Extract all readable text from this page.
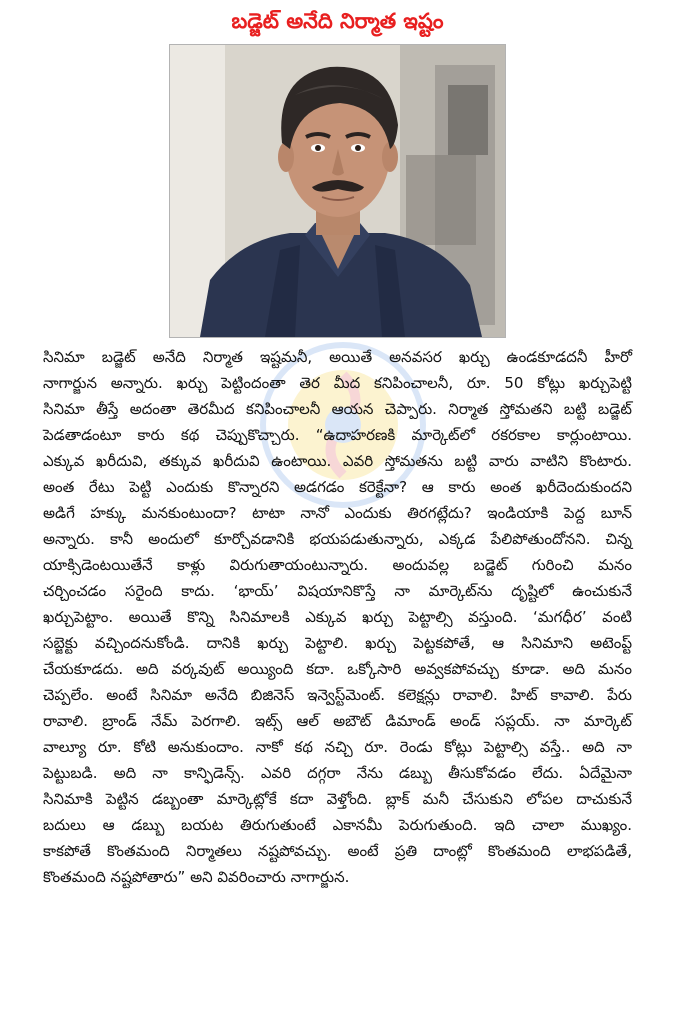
బడ్జెట్ అనేది నిర్మాత ఇష్టం
సినిమా బడ్జెట్ అనేది నిర్మాత ఇష్టమనీ, అయితే అనవసర ఖర్చు ఉండకూడదనీ హీరో
నాగార్జున అన్నారు. ఖర్చు పెట్టిందంతా తెర మీద కనిపించాలనీ, రూ. 50 కోట్లు ఖర్చుపెట్టి
సినిమా తీస్తే అదంతా తెరమీద కనిపించాలనీ ఆయన చెప్పారు. నిర్మాత స్తోమతని బట్టి బడ్జెట్
పెడతాడంటూ కారు కథ చెప్పుకొచ్చారు. “ఉదాహరణకి మార్కెట్‌లో రకరకాల కార్లుంటాయి.
ఎక్కువ ఖరీదువి, తక్కువ ఖరీదువి ఉంటాయి. ఎవరి స్తోమతను బట్టి వారు వాటిని కొంటారు.
అంత రేటు పెట్టి ఎందుకు కొన్నారని అడగడం కరెక్టేనా? ఆ కారు అంత ఖరీదెందుకుందని
అడిగే హక్కు మనకుంటుందా? టాటా నానో ఎందుకు తిరగట్లేదు? ఇండియాకి పెద్ద బూన్
అన్నారు. కానీ అందులో కూర్చోవడానికి భయపడుతున్నారు, ఎక్కడ పేలిపోతుందోనని. చిన్న
యాక్సిడెంటయితేనే కాళ్లు విరుగుతాయంటున్నారు. అందువల్ల బడ్జెట్ గురించి మనం
చర్చించడం సరైంది కాదు. ‘భాయ్’ విషయానికొస్తే నా మార్కెట్‌ను దృష్టిలో ఉంచుకునే
ఖర్చుపెట్టాం. అయితే కొన్ని సినిమాలకి ఎక్కువ ఖర్చు పెట్టాల్సి వస్తుంది. ‘మగధీర’ వంటి
సబ్జెక్టు వచ్చిందనుకోండి. దానికి ఖర్చు పెట్టాలి. ఖర్చు పెట్టకపోతే, ఆ సినిమాని అటెంప్ట్
చేయకూడదు. అది వర్కవుట్ అయ్యింది కదా. ఒక్కోసారి అవ్వకపోవచ్చు కూడా. అది మనం
చెప్పలేం. అంటే సినిమా అనేది బిజినెస్ ఇన్వెస్ట్‌మెంట్. కలెక్షన్లు రావాలి. హిట్ కావాలి. పేరు
రావాలి. బ్రాండ్ నేమ్ పెరగాలి. ఇట్స్ ఆల్ అబౌట్ డిమాండ్ అండ్ సప్లయ్. నా మార్కెట్
వాల్యూ రూ. కోటి అనుకుందాం. నాకో కథ నచ్చి రూ. రెండు కోట్లు పెట్టాల్సి వస్తే.. అది నా
పెట్టుబడి. అది నా కాన్ఫిడెన్స్. ఎవరి దగ్గరా నేను డబ్బు తీసుకోవడం లేదు. ఏదేమైనా
సినిమాకి పెట్టిన డబ్బంతా మార్కెట్లోకే కదా వెళ్తోంది. బ్లాక్ మనీ చేసుకుని లోపల దాచుకునే
బదులు ఆ డబ్బు బయట తిరుగుతుంటే ఎకానమీ పెరుగుతుంది. ఇది చాలా ముఖ్యం.
కాకపోతే కొంతమంది నిర్మాతలు నష్టపోవచ్చు. అంటే ప్రతి దాంట్లో కొంతమంది లాభపడితే,
కొంతమంది నష్టపోతారు” అని వివరించారు నాగార్జున.
